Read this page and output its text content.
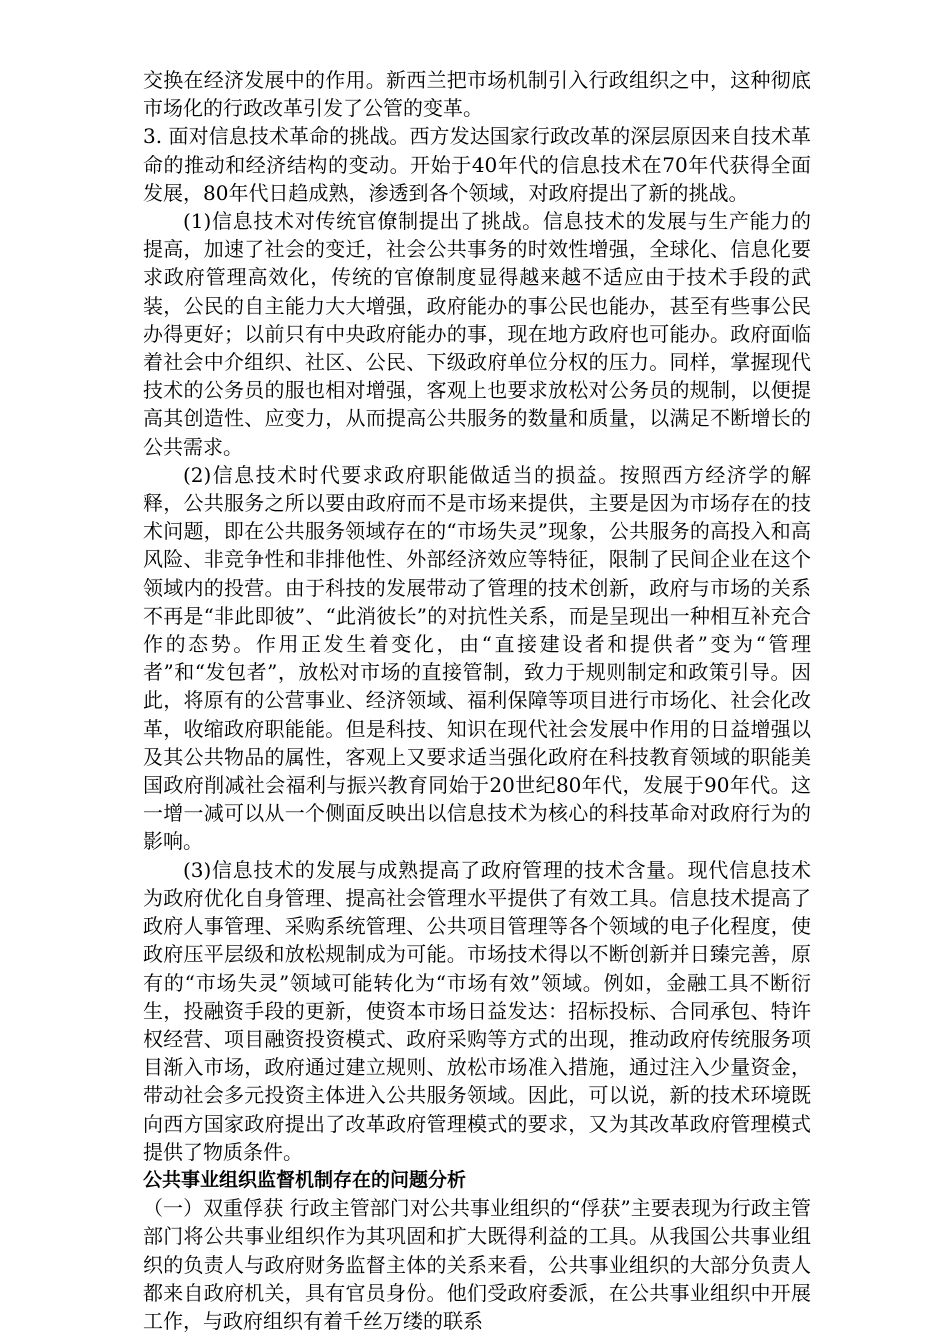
交换在经济发展中的作用。新西兰把市场机制引入行政组织之中，这种彻底市场化的行政改革引发了公管的变革。

3. 面对信息技术革命的挑战。西方发达国家行政改革的深层原因来自技术革命的推动和经济结构的变动。开始于40年代的信息技术在70年代获得全面发展，80年代日趋成熟，渗透到各个领域，对政府提出了新的挑战。

(1)信息技术对传统官僚制提出了挑战。信息技术的发展与生产能力的提高，加速了社会的变迁，社会公共事务的时效性增强，全球化、信息化要求政府管理高效化，传统的官僚制度显得越来越不适应由于技术手段的武装，公民的自主能力大大增强，政府能办的事公民也能办，甚至有些事公民办得更好；以前只有中央政府能办的事，现在地方政府也可能办。政府面临着社会中介组织、社区、公民、下级政府单位分权的压力。同样，掌握现代技术的公务员的服也相对增强，客观上也要求放松对公务员的规制，以便提高其创造性、应变力，从而提高公共服务的数量和质量，以满足不断增长的公共需求。

(2)信息技术时代要求政府职能做适当的损益。按照西方经济学的解释，公共服务之所以要由政府而不是市场来提供，主要是因为市场存在的技术问题，即在公共服务领域存在的“市场失灵”现象，公共服务的高投入和高风险、非竞争性和非排他性、外部经济效应等特征，限制了民间企业在这个领域内的投营。由于科技的发展带动了管理的技术创新，政府与市场的关系不再是“非此即彼”、“此消彼长”的对抗性关系，而是呈现出一种相互补充合作的态势。作用正发生着变化，由“直接建设者和提供者”变为“管理者”和“发包者”，放松对市场的直接管制，致力于规则制定和政策引导。因此，将原有的公营事业、经济领域、福利保障等项目进行市场化、社会化改革，收缩政府职能能。但是科技、知识在现代社会发展中作用的日益增强以及其公共物品的属性，客观上又要求适当强化政府在科技教育领域的职能美国政府削减社会福利与振兴教育同始于20世纪80年代，发展于90年代。这一增一减可以从一个侧面反映出以信息技术为核心的科技革命对政府行为的影响。

(3)信息技术的发展与成熟提高了政府管理的技术含量。现代信息技术为政府优化自身管理、提高社会管理水平提供了有效工具。信息技术提高了政府人事管理、采购系统管理、公共项目管理等各个领域的电子化程度，使政府压平层级和放松规制成为可能。市场技术得以不断创新并日臻完善，原有的“市场失灵”领域可能转化为“市场有效”领域。例如，金融工具不断衍生，投融资手段的更新，使资本市场日益发达：招标投标、合同承包、特许权经营、项目融资投资模式、政府采购等方式的出现，推动政府传统服务项目渐入市场，政府通过建立规则、放松市场准入措施，通过注入少量资金，带动社会多元投资主体进入公共服务领域。因此，可以说，新的技术环境既向西方国家政府提出了改革政府管理模式的要求，又为其改革政府管理模式提供了物质条件。

公共事业组织监督机制存在的问题分析

（一）双重俘获 行政主管部门对公共事业组织的“俘获”主要表现为行政主管部门将公共事业组织作为其巩固和扩大既得利益的工具。从我国公共事业组织的负责人与政府财务监督主体的关系来看，公共事业组织的大部分负责人都来自政府机关，具有官员身份。他们受政府委派，在公共事业组织中开展工作，与政府组织有着千丝万缕的联系
